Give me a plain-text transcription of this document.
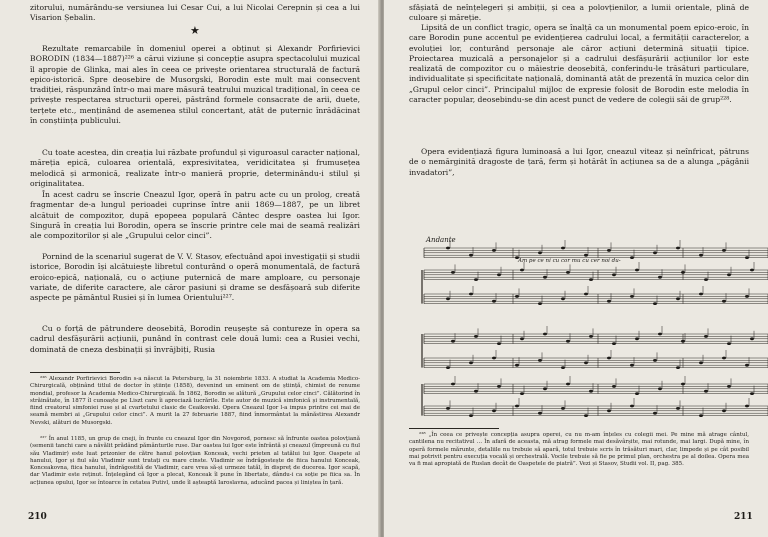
zitorului, numărându-se versiunea lui Cesar Cui, a lui Nicolai Cerepnin și cea a lui Visarion Șebalin.

★

Rezultate remarcabile în domeniul operei a obținut și Alexandr Porfirievici BORODIN (1834—1887)²²⁶ a cărui viziune și concepție asupra spectacolului muzical îl apropie de Glinka, mai ales în ceea ce privește orientarea structurală de factură epico-istorică. Spre deosebire de Musorgski, Borodin este mult mai consecvent tradiției, răspunzând într-o mai mare măsură teatrului muzical tradițional, în ceea ce privește respectarea structurii operei, păstrând formele consacrate de arii, duete, terțete etc., menținând de asemenea stilul concertant, atât de puternic înrădăcinat în conștiința publicului.

Cu toate acestea, din creația lui răzbate profundul și viguroasul caracter național, măreția epică, culoarea orientală, expresivitatea, veridicitatea și frumusețea melodică și armonică, realizate într-o manieră proprie, determinându-i stilul și originalitatea.

În acest cadru se înscrie Cneazul Igor, operă în patru acte cu un prolog, creată fragmentar de-a lungul perioadei cuprinse între anii 1869—1887, pe un libret alcătuit de compozitor, după epopeea populară Cântec despre oastea lui Igor. Singură în creația lui Borodin, opera se înscrie printre cele mai de seamă realizări ale compozitorilor și ale „Grupului celor cinci”.

Pornind de la scenariul sugerat de V. V. Stasov, efectuând apoi investigații și studii istorice, Borodin își alcătuiește libretul conturând o operă monumentală, de factură eroico-epică, națională, cu o acțiune puternică de mare amploare, cu personaje variate, de diferite caractere, ale căror pasiuni și drame se desfășoară sub diferite aspecte pe pământul Rusiei și în lumea Orientului²²⁷.

Cu o forță de pătrundere deosebită, Borodin reușește să contureze în opera sa cadrul desfășurării acțiunii, punând în contrast cele două lumi: cea a Rusiei vechi, dominată de cneza desbinații și învrăjbiți, Rusia

²²⁶ Alexandr Porfirievici Borodin s-a născut la Petersburg, la 31 noiembrie 1833. A studiat la Academia Medico-Chirurgicală, obținând titlul de doctor în științe (1858), devenind un eminent om de știință, chimist de renume mondial, profesor la Academia Medico-Chirurgicală. În 1862, Borodin se alătură „Grupului celor cinci”. Călătorind în străinătate, în 1877 îl cunoaște pe Liszt care îi apreciază lucrările. Este autor de muzică simfonică și instrumentală, fiind creatorul simfoniei ruse și al cvartetului clasic de Ceaikovski. Opera Cneazul Igor l-a impus printre cei mai de seamă membri ai „Grupului celor cinci”. A murit la 27 februarie 1887, fiind înmormântat la mănăstirea Alexandr Nevski, alături de Musorgski.

²²⁷ În anul 1185, un grup de cneji, în frunte cu cneazul Igor din Novgorod, pornesc să înfrunte oastea polovțiană (semenii tanchi care a năvălit prădând pământurile ruse. Dar oastea lui Igor este înfrântă și cneazul (împreună cu fiul său Vladimir) este luat prizonier de către hanul polovțian Konceak, vechi prieten al tatălui lui Igor. Oaspete al hanului, Igor și fiul său Vladimir sunt tratați cu mare cinste. Vladimir se îndrăgostește de fiica hanului Konceak, Konceakovna, fiica hanului, îndrăgostită de Vladimir, care vrea să-și urmeze tatăl, în dispreț de ducerea. Igor scapă, dar Vladimir este reținut. Înțelegând că Igor a plecat, Konceak îl pune în libertate, dându-i ca soție pe fiica sa. În acțiunea opului, Igor se întoarce în cetatea Putivl, unde îl așteaptă Iaroslavna, aducând pacea și liniștea în țară.

210

sfâșiată de neînțelegeri și ambiții, și cea a polovțienilor, a lumii orientale, plină de culoare și măreție.

Lipsită de un conflict tragic, opera se înalță ca un monumental poem epico-eroic, în care Borodin pune accentul pe evidențierea cadrului local, a fermității caracterelor, a evoluției lor, conturând personaje ale căror acțiuni determină situații tipice. Proiectarea muzicală a personajelor și a cadrului desfășurării acțiunilor lor este realizată de compozitor cu o măiestrie deosebită, conferindu-le trăsături particulare, individualitate și specificitate națională, dominantă atât de prezentă în muzica celor din „Grupul celor cinci”. Principalul mijloc de expresie folosit de Borodin este melodia în caracter popular, deosebindu-se din acest punct de vedere de colegii săi de grup²²⁸.

Opera evidențiază figura luminoasă a lui Igor, cneazul viteaz și neînfricat, pătruns de o nemărginită dragoste de țară, ferm și hotărât în acțiunea sa de a alunga „păgânii invadatori”,

²²⁸ „În ceea ce privește concepția asupra operei, cu nu m-am înțeles cu colegii mei. Pe mine mă atrage cântul, cantilena nu recitativul … În afară de aceasta, mă atrag formele mai desăvârșite, mai rotunde, mai largi. După mine, în operă formele mărunte, detaliile nu trebuie să apară, totul trebuie scris în trăsături mari, clar, limpede și pe cât posibil mai potrivit pentru execuția vocală și orchestrală. Vocile trebuie să fie pe primul plan, orchestra pe al doilea. Opera mea va fi mai apropiată de Ruslan decât de Oaspetele de piatră”. Vezi și Stasov, Studii vol. II, pag. 385.

211
Andante
Am pe ce ni cu cor mu cu cer noi du-
